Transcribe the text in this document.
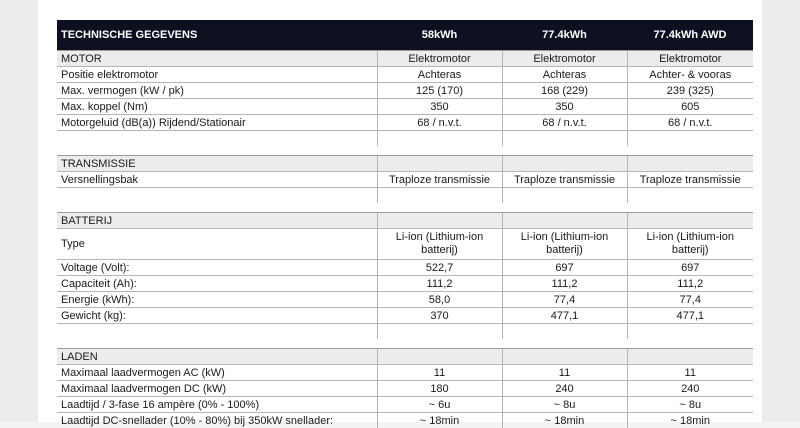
TECHNISCHE GEGEVENS	58kWh	77.4kWh	77.4kWh AWD
MOTOR	Elektromotor	Elektromotor	Elektromotor
Positie elektromotor	Achteras	Achteras	Achter- & vooras
Max. vermogen (kW / pk)	125 (170)	168 (229)	239 (325)
Max. koppel (Nm)	350	350	605
Motorgeluid (dB(a)) Rijdend/Stationair	68 / n.v.t.	68 / n.v.t.	68 / n.v.t.

TRANSMISSIE			
Versnellingsbak	Traploze transmissie	Traploze transmissie	Traploze transmissie

BATTERIJ			
Type	Li-ion (Lithium-ion batterij)	Li-ion (Lithium-ion batterij)	Li-ion (Lithium-ion batterij)
Voltage (Volt):	522,7	697	697
Capaciteit (Ah):	111,2	111,2	111,2
Energie (kWh):	58,0	77,4	77,4
Gewicht (kg):	370	477,1	477,1

LADEN			
Maximaal laadvermogen AC (kW)	11	11	11
Maximaal laadvermogen DC (kW)	180	240	240
Laadtijd / 3-fase 16 ampère (0% - 100%)	~ 6u	~ 8u	~ 8u
Laadtijd DC-snellader (10% - 80%) bij 350kW snellader:	~ 18min	~ 18min	~ 18min
